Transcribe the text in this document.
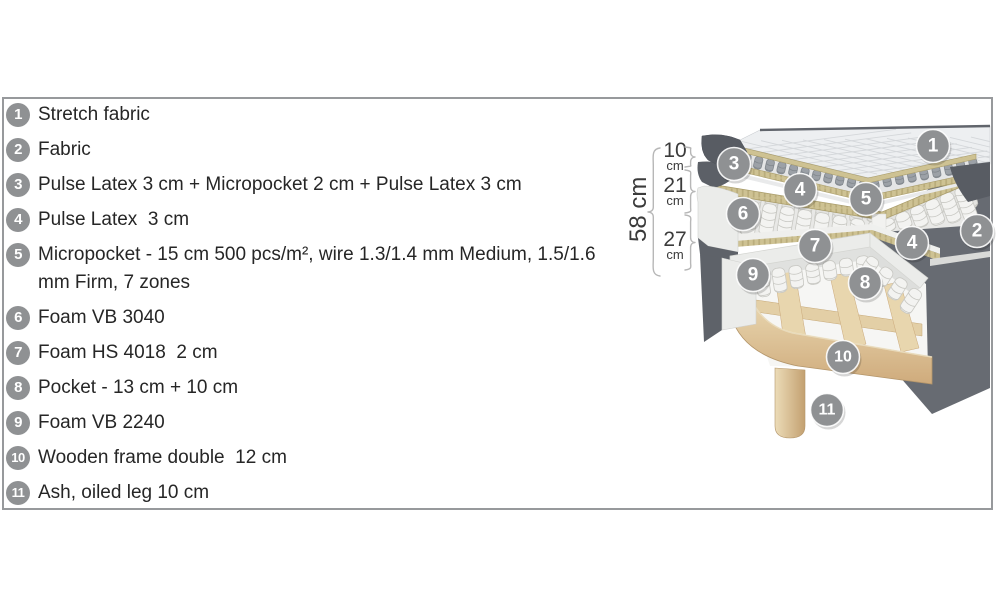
1 Stretch fabric
2 Fabric
3 Pulse Latex 3 cm + Micropocket 2 cm + Pulse Latex 3 cm
4 Pulse Latex  3 cm
5 Micropocket - 15 cm 500 pcs/m², wire 1.3/1.4 mm Medium, 1.5/1.6 mm Firm, 7 zones
6 Foam VB 3040
7 Foam HS 4018  2 cm
8 Pocket - 13 cm + 10 cm
9 Foam VB 2240
10 Wooden frame double  12 cm
11 Ash, oiled leg 10 cm
58 cm
10
cm
21
cm
27
cm
3
1
4	5
6
2
4
7
9	8
10
11
